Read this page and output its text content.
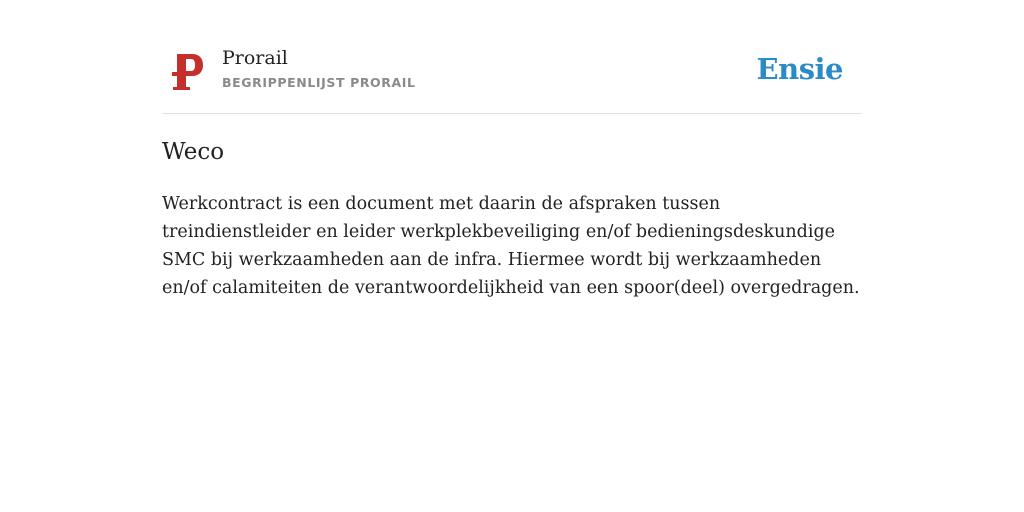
Prorail
BEGRIPPENLIJST PRORAIL	Ensie
Weco

Werkcontract is een document met daarin de afspraken tussen treindienstleider en leider werkplekbeveiliging en/of bedieningsdeskundige SMC bij werkzaamheden aan de infra. Hiermee wordt bij werkzaamheden en/of calamiteiten de verantwoordelijkheid van een spoor(deel) overgedragen.
